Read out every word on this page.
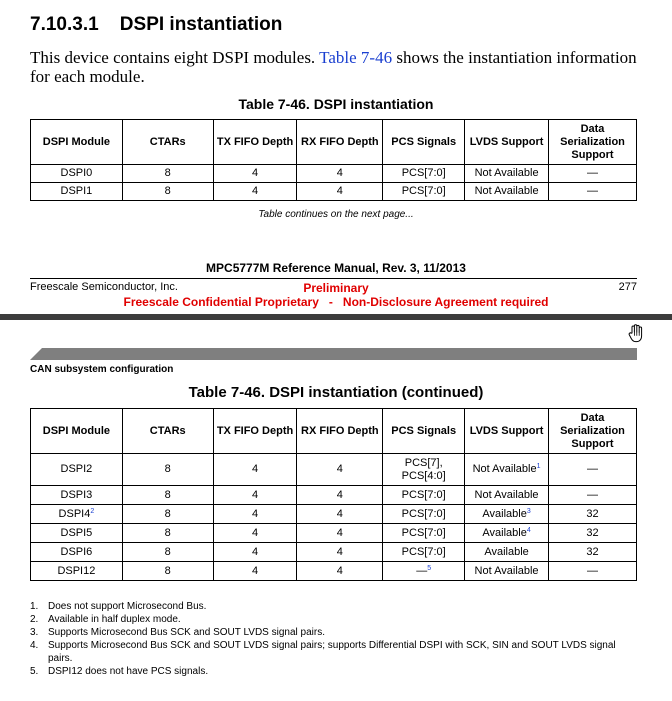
7.10.3.1 DSPI instantiation
This device contains eight DSPI modules. Table 7-46 shows the instantiation information for each module.
Table 7-46. DSPI instantiation
DSPI Module	CTARs	TX FIFO Depth	RX FIFO Depth	PCS Signals	LVDS Support	Data Serialization Support
DSPI0	8	4	4	PCS[7:0]	Not Available	—
DSPI1	8	4	4	PCS[7:0]	Not Available	—
Table continues on the next page...
MPC5777M Reference Manual, Rev. 3, 11/2013
Freescale Semiconductor, Inc.	Preliminary	277
Freescale Confidential Proprietary   -   Non-Disclosure Agreement required
CAN subsystem configuration
Table 7-46. DSPI instantiation (continued)
DSPI Module	CTARs	TX FIFO Depth	RX FIFO Depth	PCS Signals	LVDS Support	Data Serialization Support
DSPI2	8	4	4	PCS[7],
PCS[4:0]	Not Available$^1$	—
DSPI3	8	4	4	PCS[7:0]	Not Available	—
$DSPI4^2$	8	4	4	PCS[7:0]	Available$^3$	32
DSPI5	8	4	4	PCS[7:0]	Available$^4$	32
DSPI6	8	4	4	PCS[7:0]	Available	32
DSPI12	8	4	4	—$^5$	Not Available	—
1. Does not support Microsecond Bus.
2. Available in half duplex mode.
3. Supports Microsecond Bus SCK and SOUT LVDS signal pairs.
4. Supports Microsecond Bus SCK and SOUT LVDS signal pairs; supports Differential DSPI with SCK, SIN and SOUT LVDS signal pairs.
5. DSPI12 does not have PCS signals.
